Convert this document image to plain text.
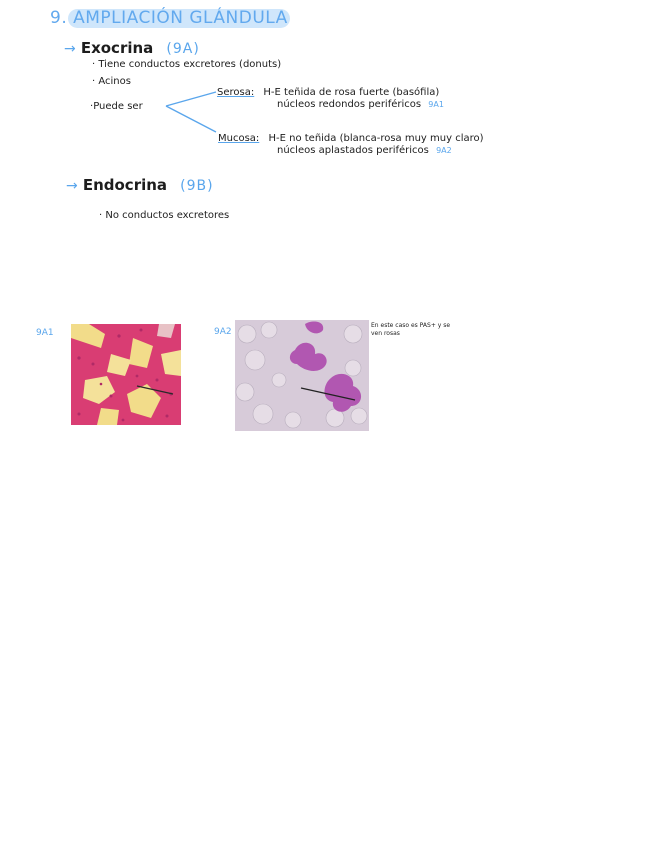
9. AMPLIACIÓN GLÁNDULA
→ Exocrina (9A)
· Tiene conductos excretores (donuts)
· Acinos
·Puede ser
Serosa: H-E teñida de rosa fuerte (basófila)
núcleos redondos periféricos 9A1
Mucosa: H-E no teñida (blanca-rosa muy muy claro)
núcleos aplastados periféricos 9A2
→ Endocrina (9B)
· No conductos excretores
9A1	9A2
En este caso es PAS+ y se
ven rosas
